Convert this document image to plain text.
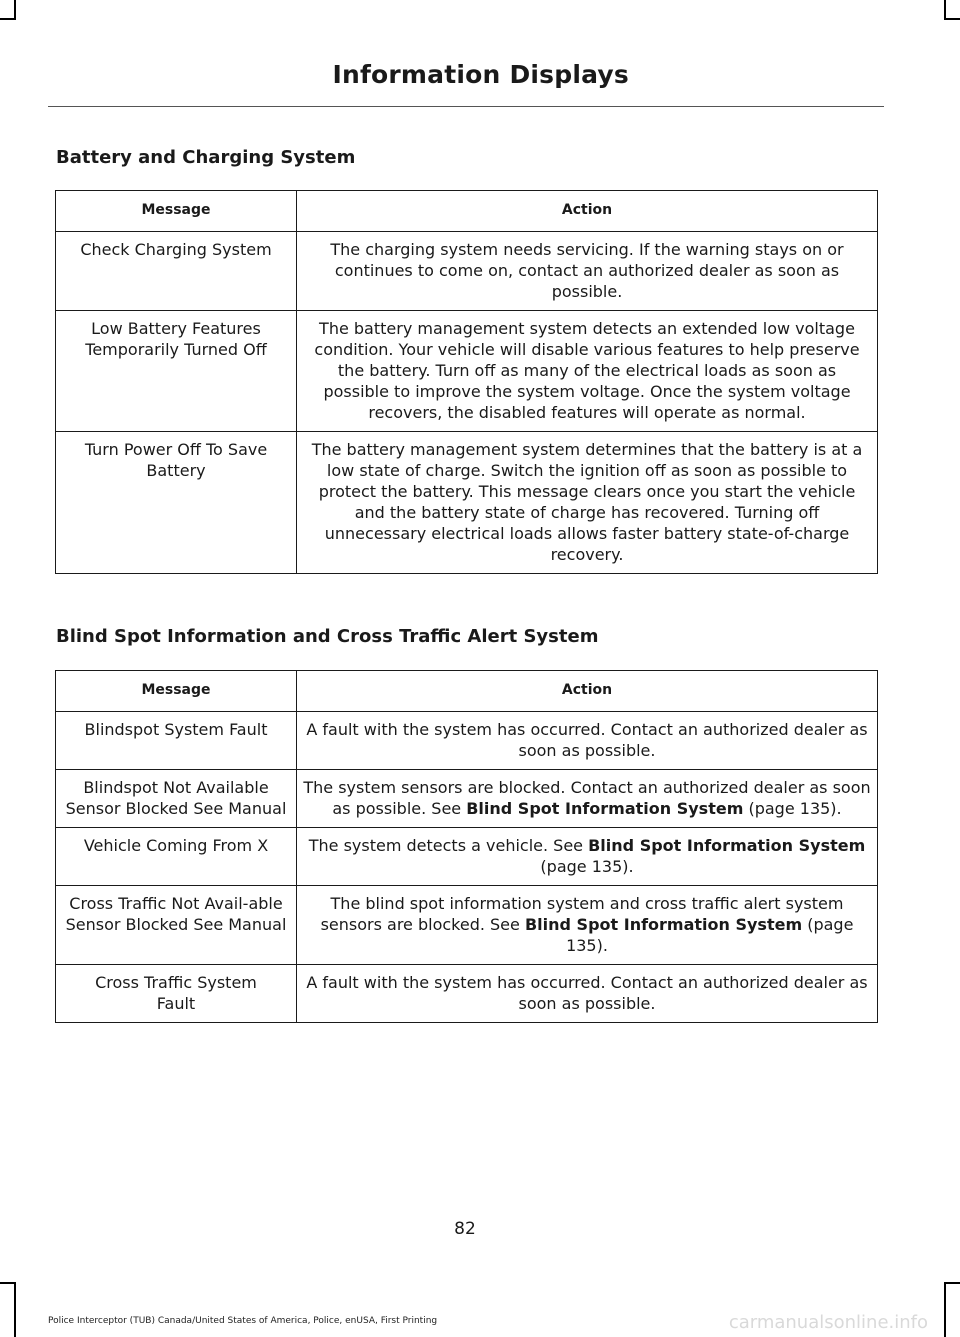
Information Displays
Battery and Charging System
Message	Action
Check Charging System	The charging system needs servicing. If the warning stays on or continues to come on, contact an authorized dealer as soon as possible.
Low Battery Features Temporarily Turned Off	The battery management system detects an extended low voltage condition. Your vehicle will disable various features to help preserve the battery. Turn off as many of the electrical loads as soon as possible to improve the system voltage. Once the system voltage recovers, the disabled features will operate as normal.
Turn Power Off To Save Battery	The battery management system determines that the battery is at a low state of charge. Switch the ignition off as soon as possible to protect the battery. This message clears once you start the vehicle and the battery state of charge has recovered. Turning off unnecessary electrical loads allows faster battery state-of-charge recovery.
Blind Spot Information and Cross Traffic Alert System
Message	Action
Blindspot System Fault	A fault with the system has occurred. Contact an authorized dealer as soon as possible.
Blindspot Not Available Sensor Blocked See Manual	The system sensors are blocked. Contact an authorized dealer as soon as possible. See Blind Spot Information System (page 135).
Vehicle Coming From X	The system detects a vehicle. See Blind Spot Information System (page 135).
Cross Traffic Not Avail-able Sensor Blocked See Manual	The blind spot information system and cross traffic alert system sensors are blocked. See Blind Spot Information System (page 135).
Cross Traffic System Fault	A fault with the system has occurred. Contact an authorized dealer as soon as possible.
82
Police Interceptor (TUB) Canada/United States of America, Police, enUSA, First Printing	carmanualsonline.info
